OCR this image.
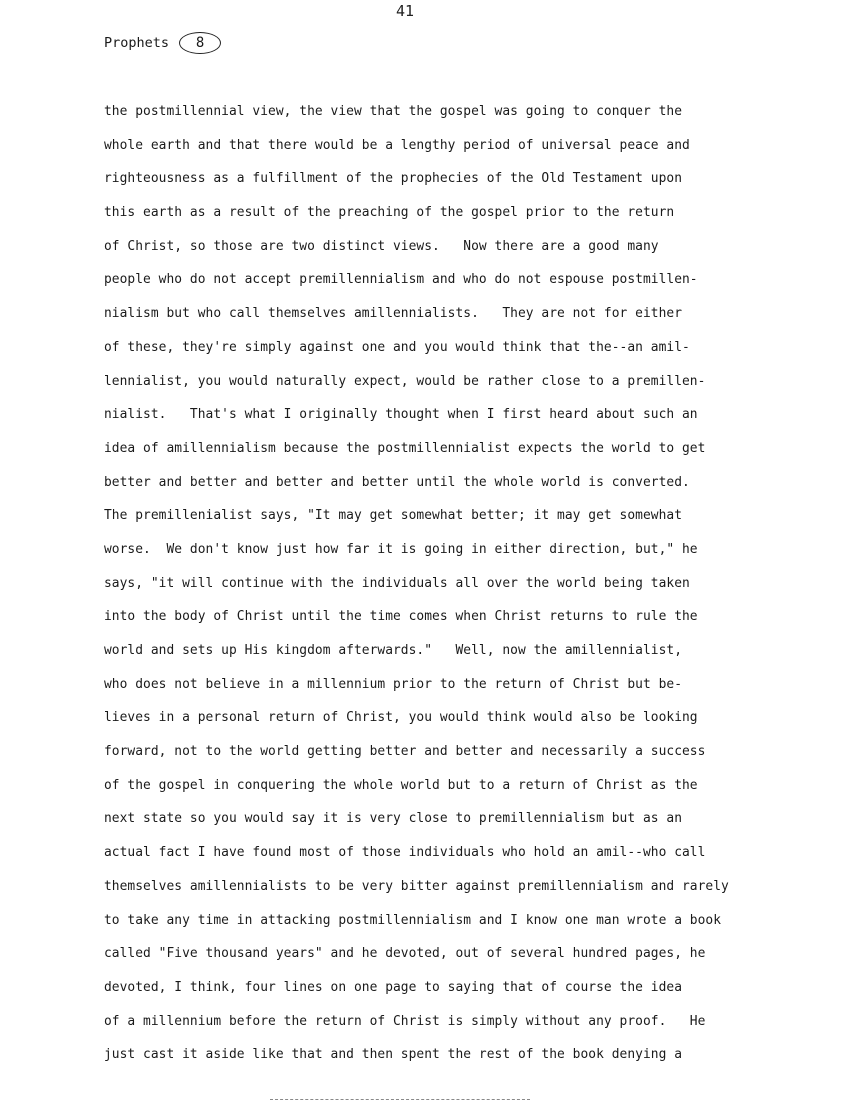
41
Prophets	8
the postmillennial view, the view that the gospel was going to conquer the
whole earth and that there would be a lengthy period of universal peace and
righteousness as a fulfillment of the prophecies of the Old Testament upon
this earth as a result of the preaching of the gospel prior to the return
of Christ, so those are two distinct views.   Now there are a good many
people who do not accept premillennialism and who do not espouse postmillen-
nialism but who call themselves amillennialists.   They are not for either
of these, they're simply against one and you would think that the--an amil-
lennialist, you would naturally expect, would be rather close to a premillen-
nialist.   That's what I originally thought when I first heard about such an
idea of amillennialism because the postmillennialist expects the world to get
better and better and better and better until the whole world is converted.
The premillenialist says, "It may get somewhat better; it may get somewhat
worse.  We don't know just how far it is going in either direction, but," he
says, "it will continue with the individuals all over the world being taken
into the body of Christ until the time comes when Christ returns to rule the
world and sets up His kingdom afterwards."   Well, now the amillennialist,
who does not believe in a millennium prior to the return of Christ but be-
lieves in a personal return of Christ, you would think would also be looking
forward, not to the world getting better and better and necessarily a success
of the gospel in conquering the whole world but to a return of Christ as the
next state so you would say it is very close to premillennialism but as an
actual fact I have found most of those individuals who hold an amil--who call
themselves amillennialists to be very bitter against premillennialism and rarely
to take any time in attacking postmillennialism and I know one man wrote a book
called "Five thousand years" and he devoted, out of several hundred pages, he
devoted, I think, four lines on one page to saying that of course the idea
of a millennium before the return of Christ is simply without any proof.   He
just cast it aside like that and then spent the rest of the book denying a
